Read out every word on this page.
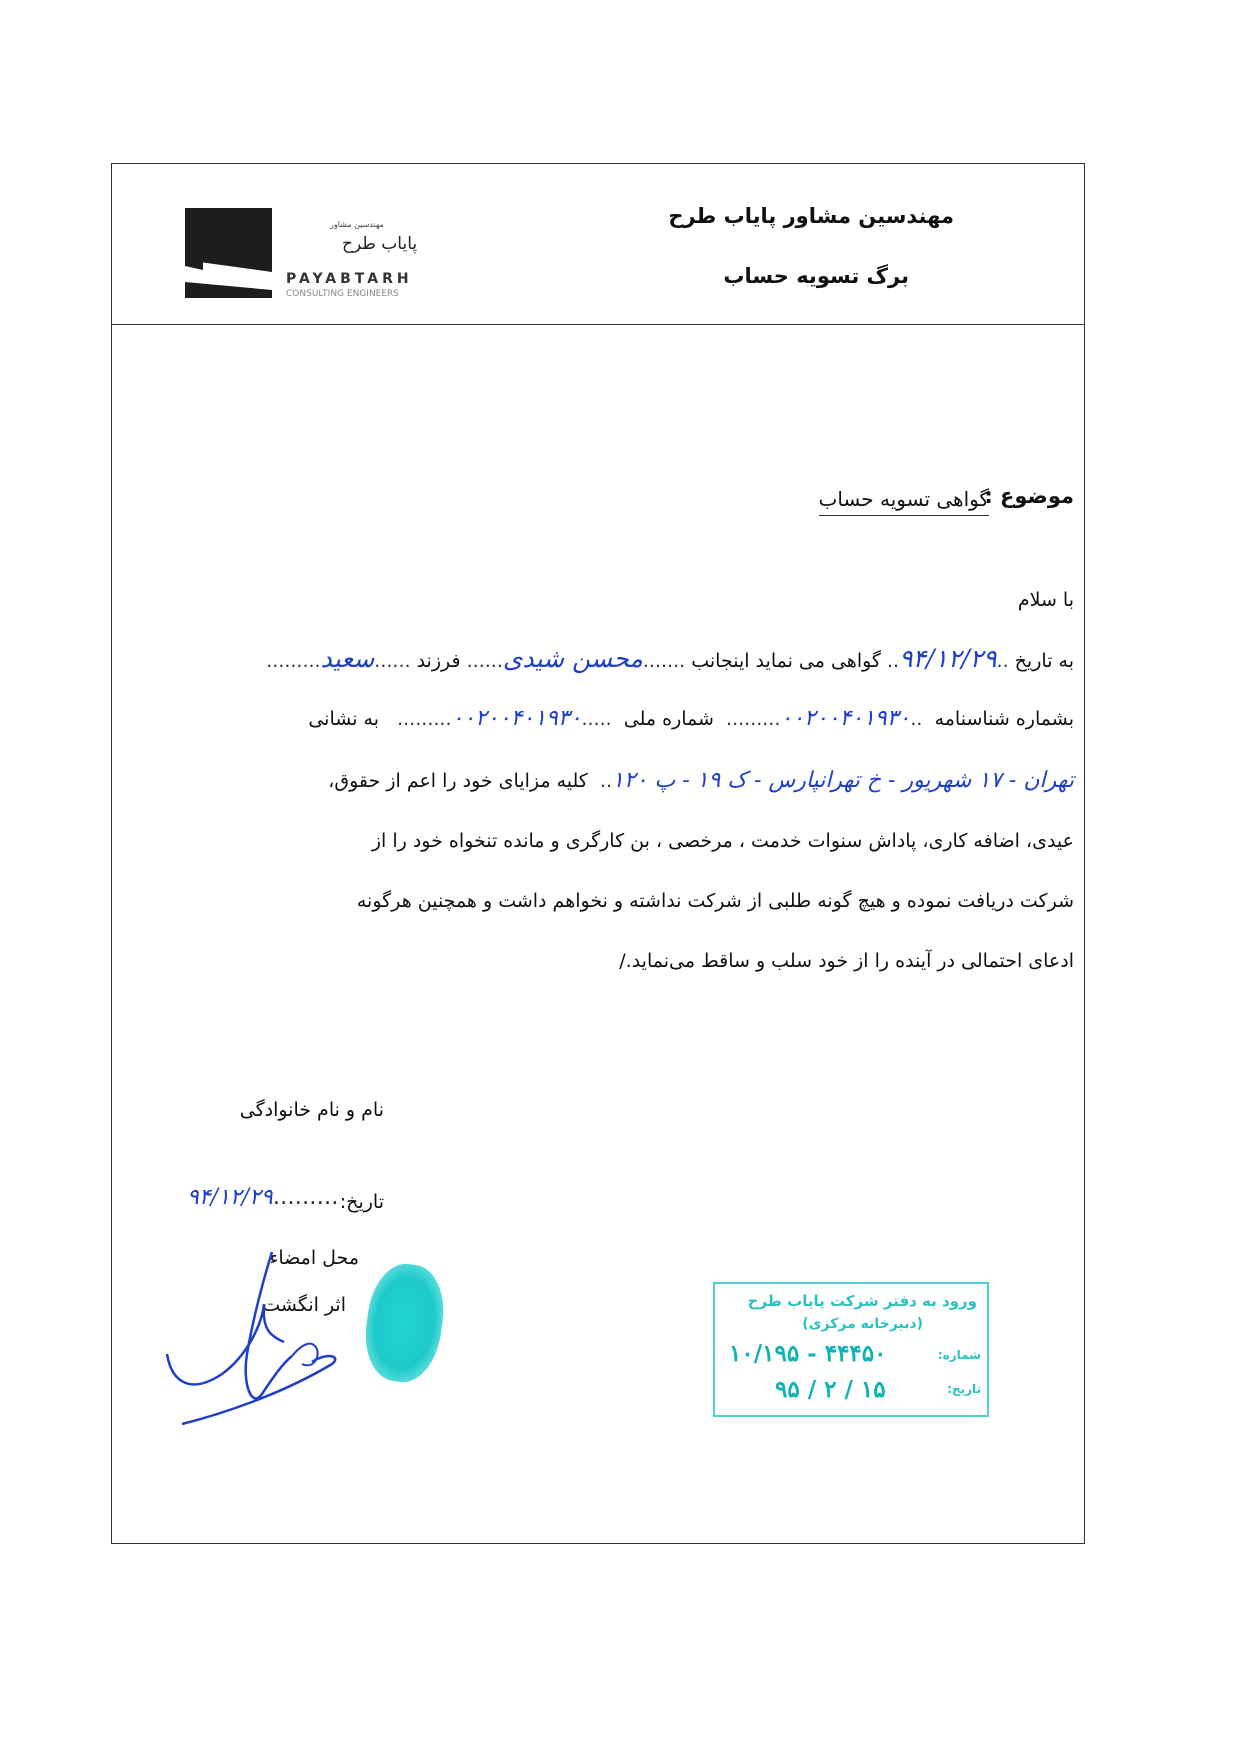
مهندسین مشاور پایاب طرح
برگ تسویه حساب
مهندسین مشاور
پایاب طرح
PAYABTARH
CONSULTING ENGINEERS
موضوع :
گواهی تسویه حساب
با سلام
به تاریخ ..۹۴/۱۲/۲۹.. گواهی می نماید اینجانب .......محسن شیدی...... فرزند ......سعید.........
بشماره شناسنامه  ..۰۰۲۰۰۴۰۱۹۳۰.........  شماره ملی  .....۰۰۲۰۰۴۰۱۹۳۰.........   به نشانی
تهران - ۱۷ شهریور - خ تهرانپارس - ک ۱۹ - پ ۱۲۰..  کلیه مزایای خود را اعم از حقوق،
عیدی، اضافه کاری، پاداش سنوات خدمت ، مرخصی ، بن کارگری و مانده تنخواه خود را از
شرکت دریافت نموده و هیچ گونه طلبی از شرکت نداشته و نخواهم داشت و همچنین هرگونه
ادعای احتمالی در آینده را از خود سلب و ساقط می‌نماید./
نام و نام خانوادگی
تاریخ:
۹۴/۱۲/۲۹.........
محل امضاء
اثر انگشت	ورود به دفتر شرکت پایاب طرح
(دبیرخانه مرکزی)
شماره:
۱۰/۱۹۵ - ۴۴۴۵۰
تاریخ:
۹۵ / ۲ / ۱۵
